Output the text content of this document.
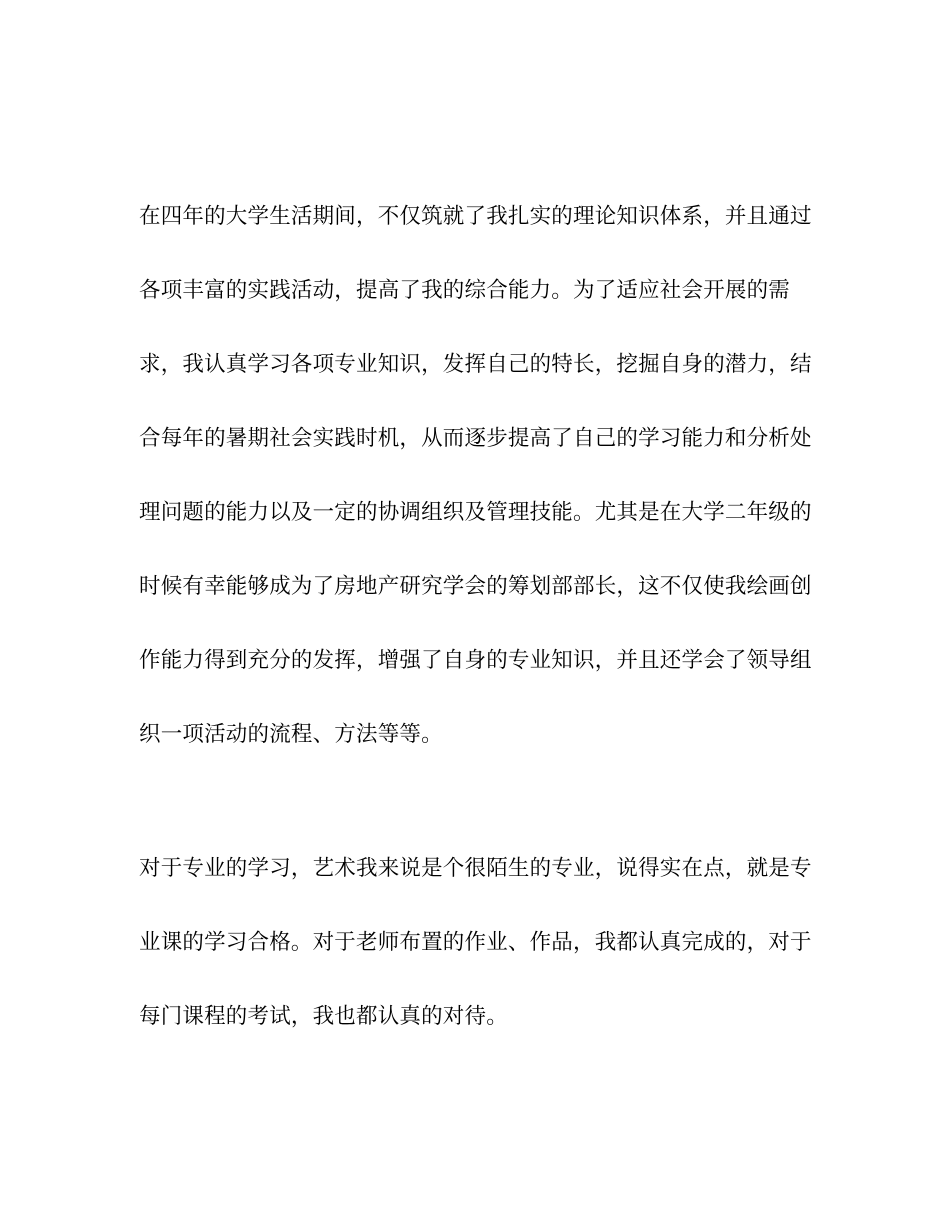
在四年的大学生活期间，不仅筑就了我扎实的理论知识体系，并且通过
各项丰富的实践活动，提高了我的综合能力。为了适应社会开展的需
求，我认真学习各项专业知识，发挥自己的特长，挖掘自身的潜力，结
合每年的暑期社会实践时机，从而逐步提高了自己的学习能力和分析处
理问题的能力以及一定的协调组织及管理技能。尤其是在大学二年级的
时候有幸能够成为了房地产研究学会的筹划部部长，这不仅使我绘画创
作能力得到充分的发挥，增强了自身的专业知识，并且还学会了领导组
织一项活动的流程、方法等等。

对于专业的学习，艺术我来说是个很陌生的专业，说得实在点，就是专
业课的学习合格。对于老师布置的作业、作品，我都认真完成的，对于
每门课程的考试，我也都认真的对待。
